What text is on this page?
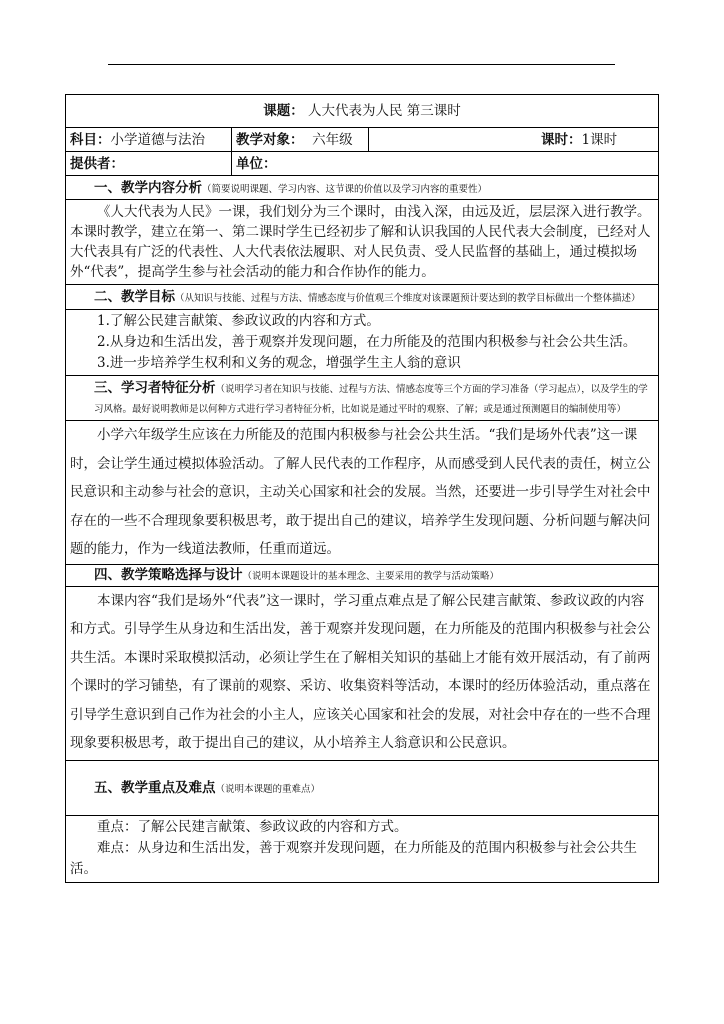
课题： 人大代表为人民 第三课时		
科目：小学道德与法治	教学对象： 六年级	课时：1课时
提供者：	单位：	
一、教学内容分析（简要说明课题、学习内容、这节课的价值以及学习内容的重要性）		

《人大代表为人民》一课，我们划分为三个课时，由浅入深，由远及近，层层深入进行教学。本课时教学，建立在第一、第二课时学生已经初步了解和认识我国的人民代表大会制度，已经对人大代表具有广泛的代表性、人大代表依法履职、对人民负责、受人民监督的基础上，通过模拟场外“代表”，提高学生参与社会活动的能力和合作协作的能力。		

二、教学目标（从知识与技能、过程与方法、情感态度与价值观三个维度对该课题预计要达到的教学目标做出一个整体描述）		

1.了解公民建言献策、参政议政的内容和方式。

2.从身边和生活出发，善于观察并发现问题，在力所能及的范围内积极参与社会公共生活。

3.进一步培养学生权利和义务的观念，增强学生主人翁的意识		

三、学习者特征分析（说明学习者在知识与技能、过程与方法、情感态度等三个方面的学习准备（学习起点），以及学生的学习风格。最好说明教师是以何种方式进行学习者特征分析，比如说是通过平时的观察、了解；或是通过预测题目的编制使用等）		

小学六年级学生应该在力所能及的范围内积极参与社会公共生活。“我们是场外代表”这一课时，会让学生通过模拟体验活动。了解人民代表的工作程序，从而感受到人民代表的责任，树立公民意识和主动参与社会的意识，主动关心国家和社会的发展。当然，还要进一步引导学生对社会中存在的一些不合理现象要积极思考，敢于提出自己的建议，培养学生发现问题、分析问题与解决问题的能力，作为一线道法教师，任重而道远。		

四、教学策略选择与设计（说明本课题设计的基本理念、主要采用的教学与活动策略）		

本课内容“我们是场外“代表”这一课时，学习重点难点是了解公民建言献策、参政议政的内容和方式。引导学生从身边和生活出发，善于观察并发现问题，在力所能及的范围内积极参与社会公共生活。本课时采取模拟活动，必须让学生在了解相关知识的基础上才能有效开展活动，有了前两个课时的学习铺垫，有了课前的观察、采访、收集资料等活动，本课时的经历体验活动，重点落在引导学生意识到自己作为社会的小主人，应该关心国家和社会的发展，对社会中存在的一些不合理现象要积极思考，敢于提出自己的建议，从小培养主人翁意识和公民意识。		

五、教学重点及难点（说明本课题的重难点）		

重点：了解公民建言献策、参政议政的内容和方式。

难点：从身边和生活出发，善于观察并发现问题，在力所能及的范围内积极参与社会公共生活。		
